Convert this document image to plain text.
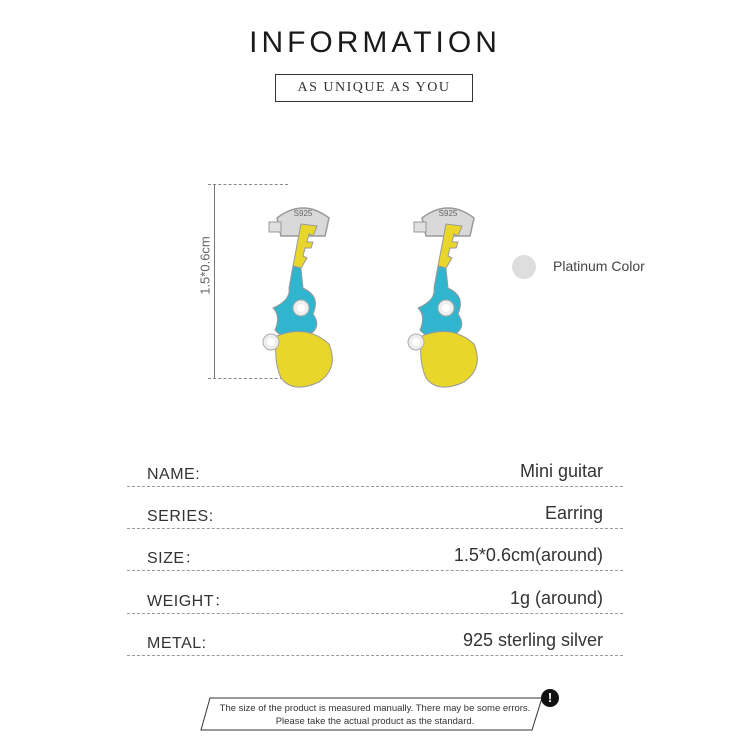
INFORMATION
AS UNIQUE AS YOU
1.5*0.6cm
S925	S925
Platinum Color
NAME:	Mini guitar
SERIES:	Earring
SIZE：	1.5*0.6cm(around)
WEIGHT：	1g (around)
METAL:	925 sterling silver
The size of the product is measured manually. There may be some errors.
Please take the actual product as the standard.
!
